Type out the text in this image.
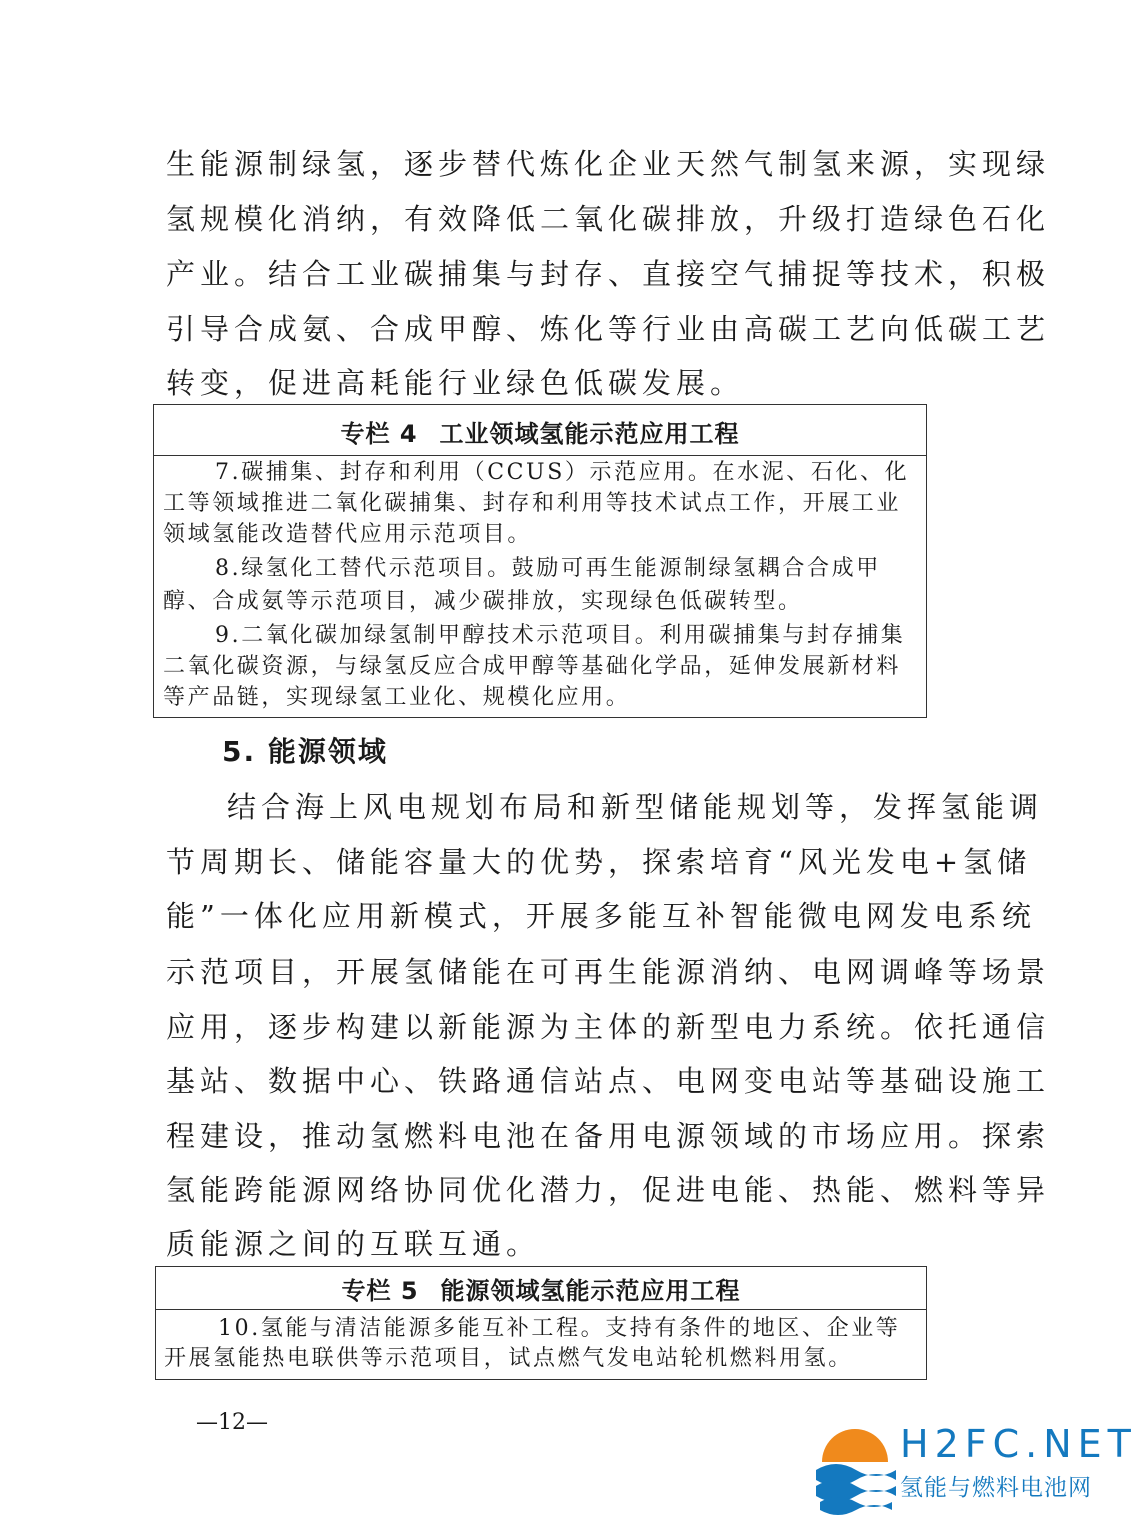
生能源制绿氢，逐步替代炼化企业天然气制氢来源，实现绿
氢规模化消纳，有效降低二氧化碳排放，升级打造绿色石化
产业。结合工业碳捕集与封存、直接空气捕捉等技术，积极
引导合成氨、合成甲醇、炼化等行业由高碳工艺向低碳工艺
转变，促进高耗能行业绿色低碳发展。
专栏 4 工业领域氢能示范应用工程
7.碳捕集、封存和利用（CCUS）示范应用。在水泥、石化、化
工等领域推进二氧化碳捕集、封存和利用等技术试点工作，开展工业
领域氢能改造替代应用示范项目。
8.绿氢化工替代示范项目。鼓励可再生能源制绿氢耦合合成甲
醇、合成氨等示范项目，减少碳排放，实现绿色低碳转型。
9.二氧化碳加绿氢制甲醇技术示范项目。利用碳捕集与封存捕集
二氧化碳资源，与绿氢反应合成甲醇等基础化学品，延伸发展新材料
等产品链，实现绿氢工业化、规模化应用。
5. 能源领域
结合海上风电规划布局和新型储能规划等，发挥氢能调
节周期长、储能容量大的优势，探索培育“风光发电+氢储
能”一体化应用新模式，开展多能互补智能微电网发电系统
示范项目，开展氢储能在可再生能源消纳、电网调峰等场景
应用，逐步构建以新能源为主体的新型电力系统。依托通信
基站、数据中心、铁路通信站点、电网变电站等基础设施工
程建设，推动氢燃料电池在备用电源领域的市场应用。探索
氢能跨能源网络协同优化潜力，促进电能、热能、燃料等异
质能源之间的互联互通。
专栏 5 能源领域氢能示范应用工程
10.氢能与清洁能源多能互补工程。支持有条件的地区、企业等
开展氢能热电联供等示范项目，试点燃气发电站轮机燃料用氢。
—12—	H2FC.NET
氢能与燃料电池网
